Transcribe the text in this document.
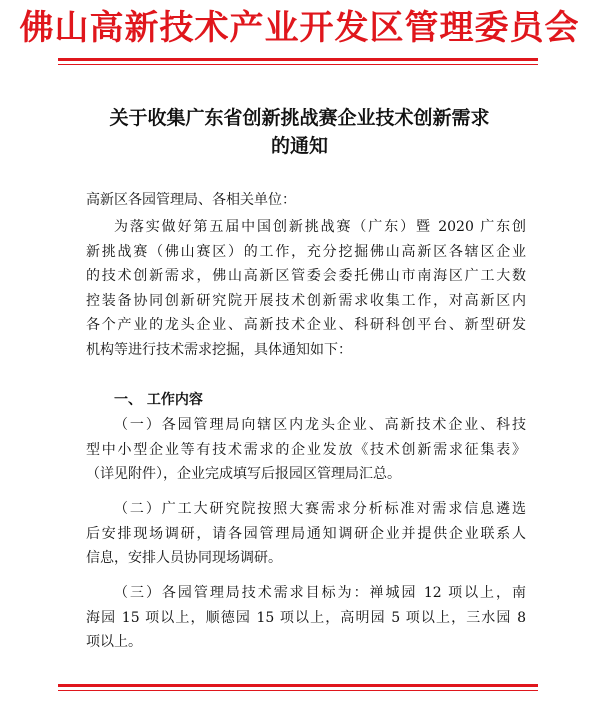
佛山高新技术产业开发区管理委员会
关于收集广东省创新挑战赛企业技术创新需求
的通知
高新区各园管理局、各相关单位：
为落实做好第五届中国创新挑战赛（广东）暨 2020 广东创
新挑战赛（佛山赛区）的工作，充分挖掘佛山高新区各辖区企业
的技术创新需求，佛山高新区管委会委托佛山市南海区广工大数
控装备协同创新研究院开展技术创新需求收集工作，对高新区内
各个产业的龙头企业、高新技术企业、科研科创平台、新型研发
机构等进行技术需求挖掘，具体通知如下：
一、 工作内容
（一）各园管理局向辖区内龙头企业、高新技术企业、科技
型中小型企业等有技术需求的企业发放《技术创新需求征集表》
（详见附件），企业完成填写后报园区管理局汇总。
（二）广工大研究院按照大赛需求分析标准对需求信息遴选
后安排现场调研，请各园管理局通知调研企业并提供企业联系人
信息，安排人员协同现场调研。
（三）各园管理局技术需求目标为：禅城园 12 项以上，南
海园 15 项以上，顺德园 15 项以上，高明园 5 项以上，三水园 8
项以上。
